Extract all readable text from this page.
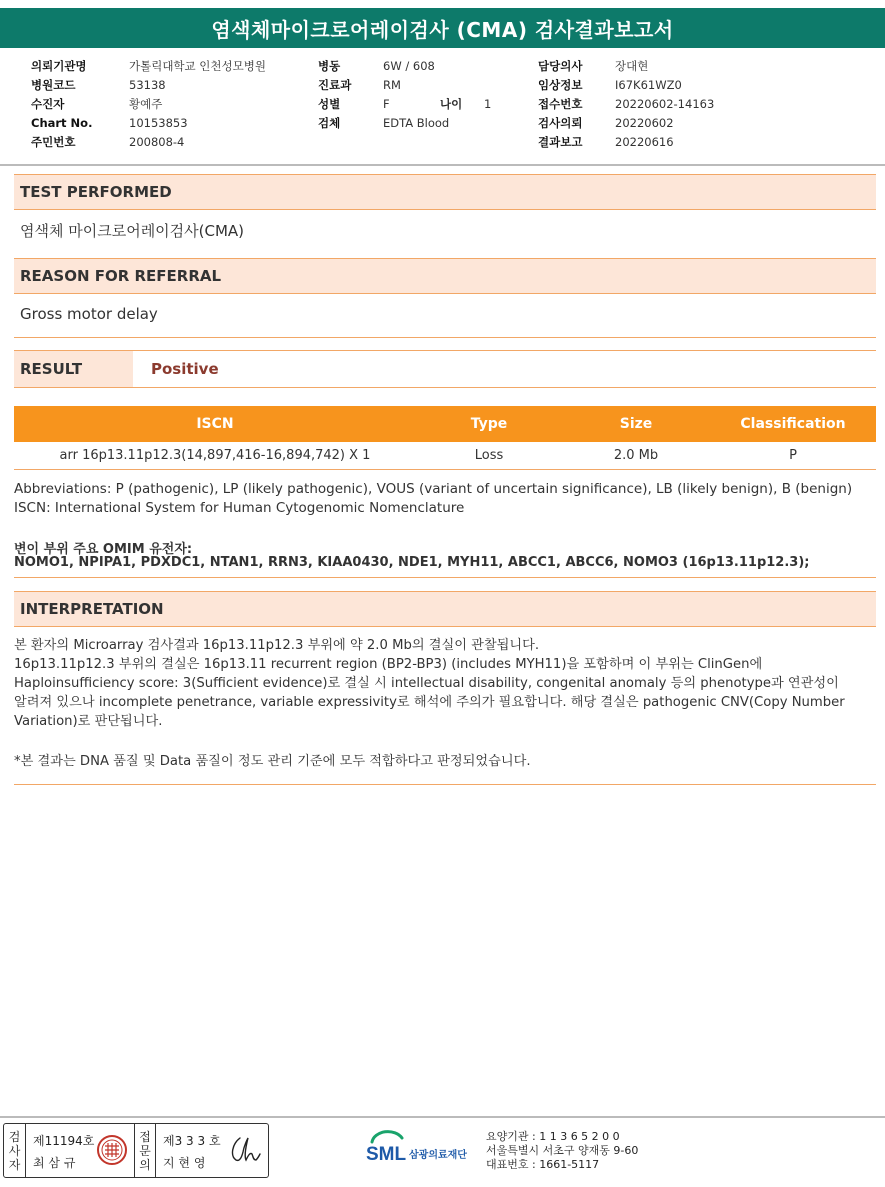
염색체마이크로어레이검사 (CMA) 검사결과보고서
의뢰기관명	가톨릭대학교 인천성모병원
병원코드	53138
수진자	황예주
Chart No.	10153853
주민번호	200808-4
병동	6W / 608
진료과	RM
성별	F	나이	1
검체	EDTA Blood
담당의사	장대현
임상정보	I67K61WZ0
접수번호	20220602-14163
검사의뢰	20220602
결과보고	20220616
TEST PERFORMED
염색체 마이크로어레이검사(CMA)
REASON FOR REFERRAL
Gross motor delay
RESULT	Positive
ISCN	Type	Size	Classification
arr 16p13.11p12.3(14,897,416-16,894,742) X 1	Loss	2.0 Mb	P
Abbreviations: P (pathogenic), LP (likely pathogenic), VOUS (variant of uncertain significance), LB (likely benign), B (benign)
ISCN: International System for Human Cytogenomic Nomenclature
변이 부위 주요 OMIM 유전자:
NOMO1, NPIPA1, PDXDC1, NTAN1, RRN3, KIAA0430, NDE1, MYH11, ABCC1, ABCC6, NOMO3 (16p13.11p12.3);
INTERPRETATION
본 환자의 Microarray 검사결과 16p13.11p12.3 부위에 약 2.0 Mb의 결실이 관찰됩니다.
16p13.11p12.3 부위의 결실은 16p13.11 recurrent region (BP2-BP3) (includes MYH11)을 포함하며 이 부위는 ClinGen에
Haploinsufficiency score: 3(Sufficient evidence)로 결실 시 intellectual disability, congenital anomaly 등의 phenotype과 연관성이
알려져 있으나 incomplete penetrance, variable expressivity로 해석에 주의가 필요합니다. 해당 결실은 pathogenic CNV(Copy Number
Variation)로 판단됩니다.
*본 결과는 DNA 품질 및 Data 품질이 정도 관리 기준에 모두 적합하다고 판정되었습니다.
검
사
자
제11194호
최 삼 규
접
문
의
제3 3 3 호
지 현 영	SML 삼광의료재단
요양기관 : 1 1 3 6 5 2 0 0
서울특별시 서초구 양재동 9-60
대표번호 : 1661-5117
